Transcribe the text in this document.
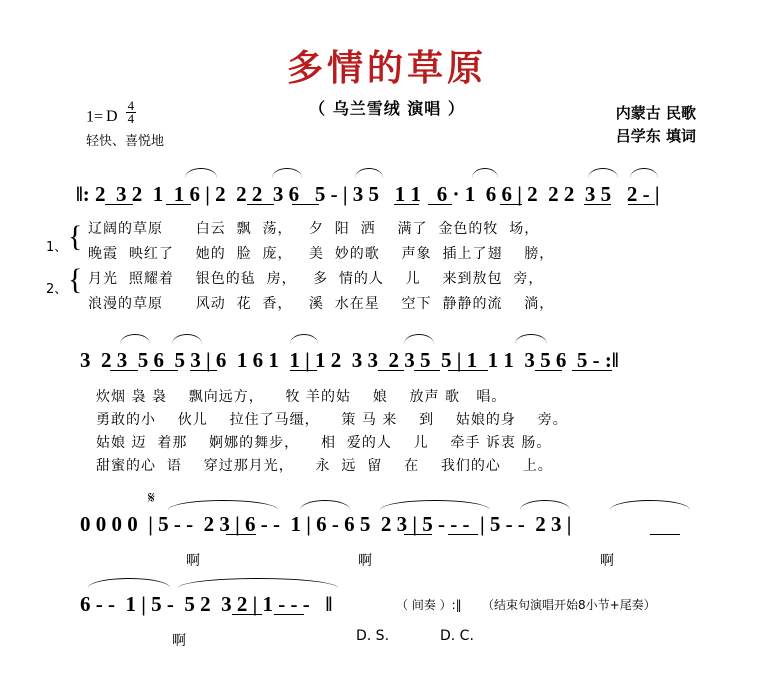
多情的草原
（ 乌兰雪绒 演唱 ）
1= D $\frac{4}{4}$
轻快、喜悦地
内蒙古 民歌
吕学东 填词
‖: 2  3 2  1  1 6 | 2  2 2  3 6   5 - | 3 5   1 1   6 · 1  6 6 | 2  2 2  3 5   2 - |
1、 {
2、 {
辽阔的草原      白云  飘  荡，   夕  阳  洒    满了  金色的牧  场，
晚霞  映红了    她的  脸  庞，   美  妙的歌    声象  插上了翅    膀，
月光  照耀着    银色的毡  房，   多  情的人    儿    来到敖包  旁，
浪漫的草原      风动  花  香，   溪  水在星    空下  静静的流    淌，
3  2 3  5 6  5 3 | 6  1 6 1  1 | 1 2  3 3  2 3 5  5 | 1  1 1  3 5 6  5 - :‖
炊烟 袅 袅    飘向远方，    牧 羊的姑    娘    放声 歌   唱。
勇敢的小    伙儿    拉住了马缰，    策 马 来    到    姑娘的身    旁。
姑娘 迈  着那    婀娜的舞步，    相  爱的人    儿    牵手 诉衷 肠。
甜蜜的心  语    穿过那月光，    永  远  留    在    我们的心    上。
𝄋
0 0 0 0  | 5 - -  2 3 | 6 - -  1 | 6 - 6 5  2 3 | 5 - - -  | 5 - -  2 3 |
啊	啊	啊
6 - -  1 | 5 -  5 2  3 2 | 1 - - -   ‖
啊
（ 间奏 ）:‖ （结束句演唱开始8小节+尾奏）
D. S.	D. C.
